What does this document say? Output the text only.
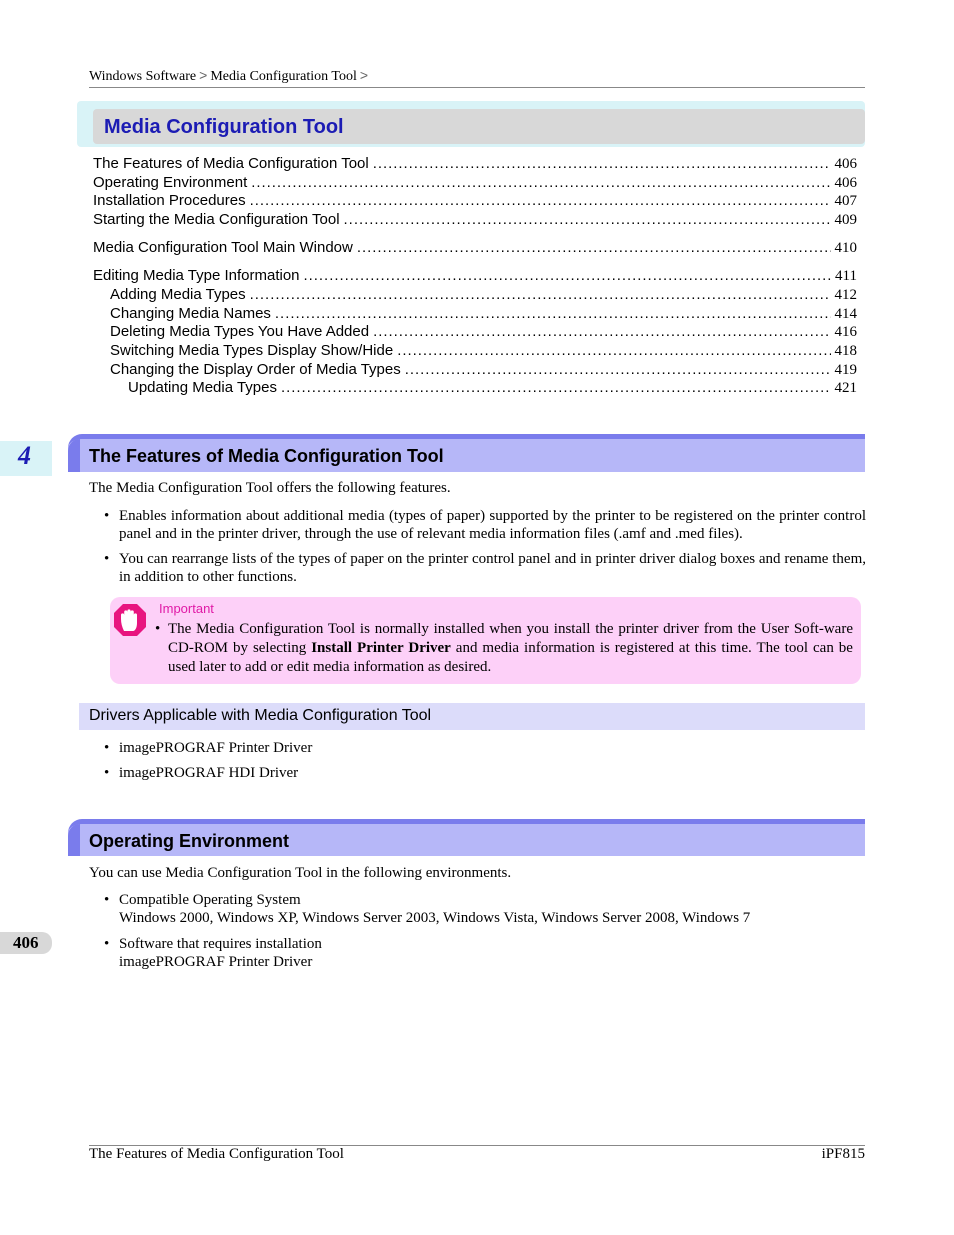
Windows Software > Media Configuration Tool >
Media Configuration Tool
The Features of Media Configuration Tool . . .	406
Operating Environment . . .	406
Installation Procedures . . .	407
Starting the Media Configuration Tool . . .	409
Media Configuration Tool Main Window . . .	410
Editing Media Type Information . . .	411
Adding Media Types . . .	412
Changing Media Names . . .	414
Deleting Media Types You Have Added . . .	416
Switching Media Types Display Show/Hide . . .	418
Changing the Display Order of Media Types . . .	419
Updating Media Types . . .	421
4	The Features of Media Configuration Tool
The Media Configuration Tool offers the following features.
• Enables information about additional media (types of paper) supported by the printer to be registered on the printer control panel and in the printer driver, through the use of relevant media information files (.amf and .med files).
• You can rearrange lists of the types of paper on the printer control panel and in printer driver dialog boxes and rename them, in addition to other functions.
Important
• The Media Configuration Tool is normally installed when you install the printer driver from the User Soft-ware CD-ROM by selecting Install Printer Driver and media information is registered at this time. The tool can be used later to add or edit media information as desired.
Drivers Applicable with Media Configuration Tool
• imagePROGRAF Printer Driver
• imagePROGRAF HDI Driver
Operating Environment
You can use Media Configuration Tool in the following environments.
• Compatible Operating System
Windows 2000, Windows XP, Windows Server 2003, Windows Vista, Windows Server 2008, Windows 7
• Software that requires installation
imagePROGRAF Printer Driver
406
The Features of Media Configuration Tool	iPF815
